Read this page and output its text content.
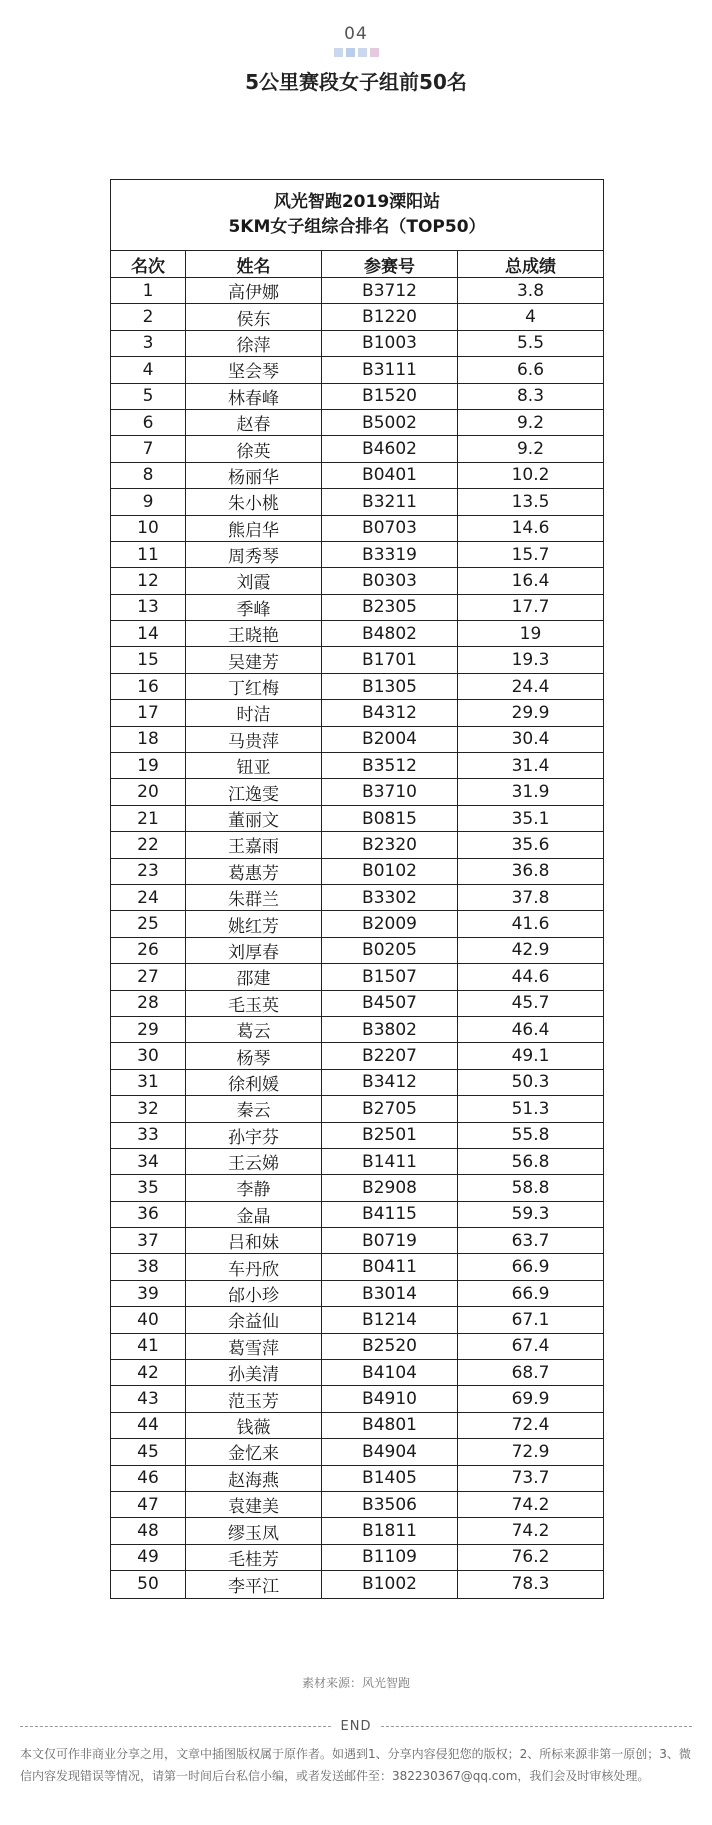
04
5公里赛段女子组前50名
风光智跑2019溧阳站
5KM女子组综合排名（TOP50）
名次	姓名	参赛号	总成绩
1	高伊娜	B3712	3.8
2	侯东	B1220	4
3	徐萍	B1003	5.5
4	坚会琴	B3111	6.6
5	林春峰	B1520	8.3
6	赵春	B5002	9.2
7	徐英	B4602	9.2
8	杨丽华	B0401	10.2
9	朱小桃	B3211	13.5
10	熊启华	B0703	14.6
11	周秀琴	B3319	15.7
12	刘霞	B0303	16.4
13	季峰	B2305	17.7
14	王晓艳	B4802	19
15	吴建芳	B1701	19.3
16	丁红梅	B1305	24.4
17	时洁	B4312	29.9
18	马贵萍	B2004	30.4
19	钮亚	B3512	31.4
20	江逸雯	B3710	31.9
21	董丽文	B0815	35.1
22	王嘉雨	B2320	35.6
23	葛惠芳	B0102	36.8
24	朱群兰	B3302	37.8
25	姚红芳	B2009	41.6
26	刘厚春	B0205	42.9
27	邵建	B1507	44.6
28	毛玉英	B4507	45.7
29	葛云	B3802	46.4
30	杨琴	B2207	49.1
31	徐利媛	B3412	50.3
32	秦云	B2705	51.3
33	孙宇芬	B2501	55.8
34	王云娣	B1411	56.8
35	李静	B2908	58.8
36	金晶	B4115	59.3
37	吕和妹	B0719	63.7
38	车丹欣	B0411	66.9
39	邰小珍	B3014	66.9
40	余益仙	B1214	67.1
41	葛雪萍	B2520	67.4
42	孙美清	B4104	68.7
43	范玉芳	B4910	69.9
44	钱薇	B4801	72.4
45	金忆来	B4904	72.9
46	赵海燕	B1405	73.7
47	袁建美	B3506	74.2
48	缪玉凤	B1811	74.2
49	毛桂芳	B1109	76.2
50	李平江	B1002	78.3
素材来源：风光智跑
END
本文仅可作非商业分享之用，文章中插图版权属于原作者。如遇到1、分享内容侵犯您的版权；2、所标来源非第一原创；3、微信内容发现错误等情况，请第一时间后台私信小编，或者发送邮件至：382230367@qq.com，我们会及时审核处理。
